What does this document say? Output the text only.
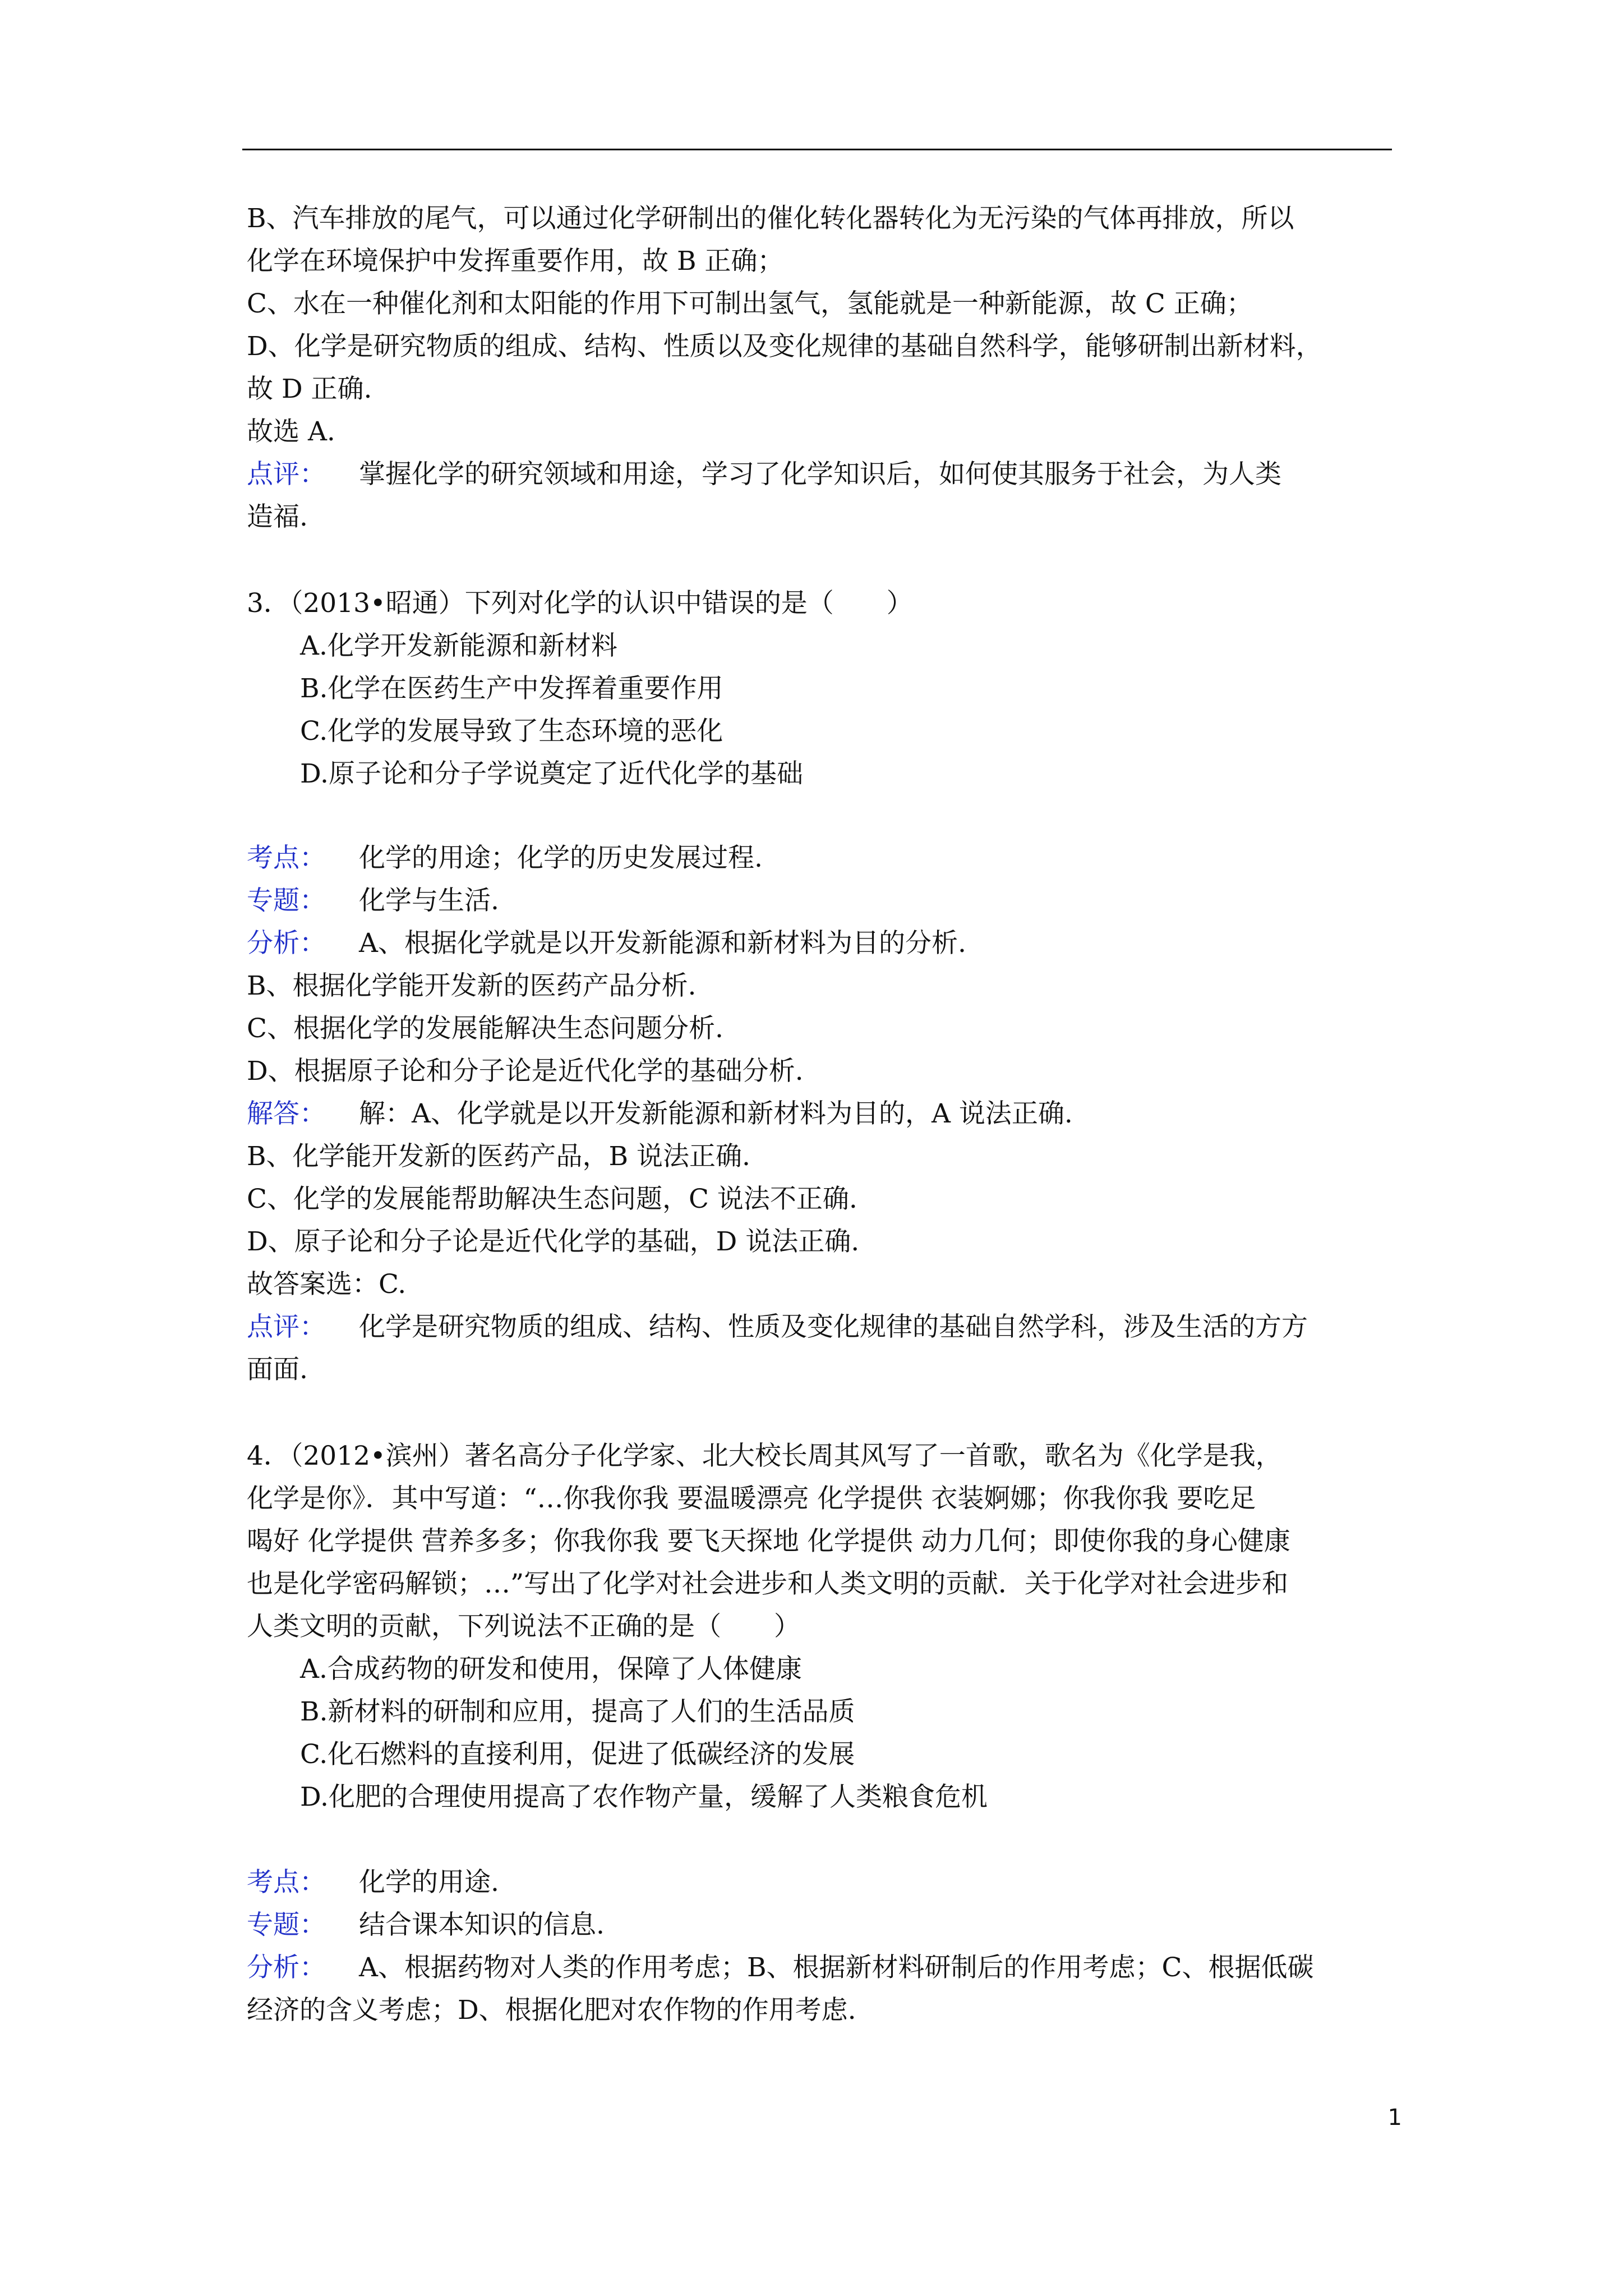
B、汽车排放的尾气，可以通过化学研制出的催化转化器转化为无污染的气体再排放，所以
化学在环境保护中发挥重要作用，故 B 正确；
C、水在一种催化剂和太阳能的作用下可制出氢气，氢能就是一种新能源，故 C 正确；
D、化学是研究物质的组成、结构、性质以及变化规律的基础自然科学，能够研制出新材料，
故 D 正确.
故选 A.
点评： 掌握化学的研究领域和用途，学习了化学知识后，如何使其服务于社会，为人类
造福.
3．（2013•昭通）下列对化学的认识中错误的是（　　）
A.化学开发新能源和新材料
B.化学在医药生产中发挥着重要作用
C.化学的发展导致了生态环境的恶化
D.原子论和分子学说奠定了近代化学的基础
考点： 化学的用途；化学的历史发展过程.
专题： 化学与生活.
分析： A、根据化学就是以开发新能源和新材料为目的分析.
B、根据化学能开发新的医药产品分析.
C、根据化学的发展能解决生态问题分析.
D、根据原子论和分子论是近代化学的基础分析.
解答： 解：A、化学就是以开发新能源和新材料为目的，A 说法正确.
B、化学能开发新的医药产品，B 说法正确.
C、化学的发展能帮助解决生态问题，C 说法不正确.
D、原子论和分子论是近代化学的基础，D 说法正确.
故答案选：C.
点评： 化学是研究物质的组成、结构、性质及变化规律的基础自然学科，涉及生活的方方
面面.
4．（2012•滨州）著名高分子化学家、北大校长周其风写了一首歌，歌名为《化学是我，
化学是你》．其中写道：“…你我你我 要温暖漂亮 化学提供 衣装婀娜；你我你我 要吃足
喝好 化学提供 营养多多；你我你我 要飞天探地 化学提供 动力几何；即使你我的身心健康
也是化学密码解锁；…”写出了化学对社会进步和人类文明的贡献．关于化学对社会进步和
人类文明的贡献，下列说法不正确的是（　　）
A.合成药物的研发和使用，保障了人体健康
B.新材料的研制和应用，提高了人们的生活品质
C.化石燃料的直接利用，促进了低碳经济的发展
D.化肥的合理使用提高了农作物产量，缓解了人类粮食危机
考点： 化学的用途.
专题： 结合课本知识的信息.
分析： A、根据药物对人类的作用考虑；B、根据新材料研制后的作用考虑；C、根据低碳
经济的含义考虑；D、根据化肥对农作物的作用考虑.
1
